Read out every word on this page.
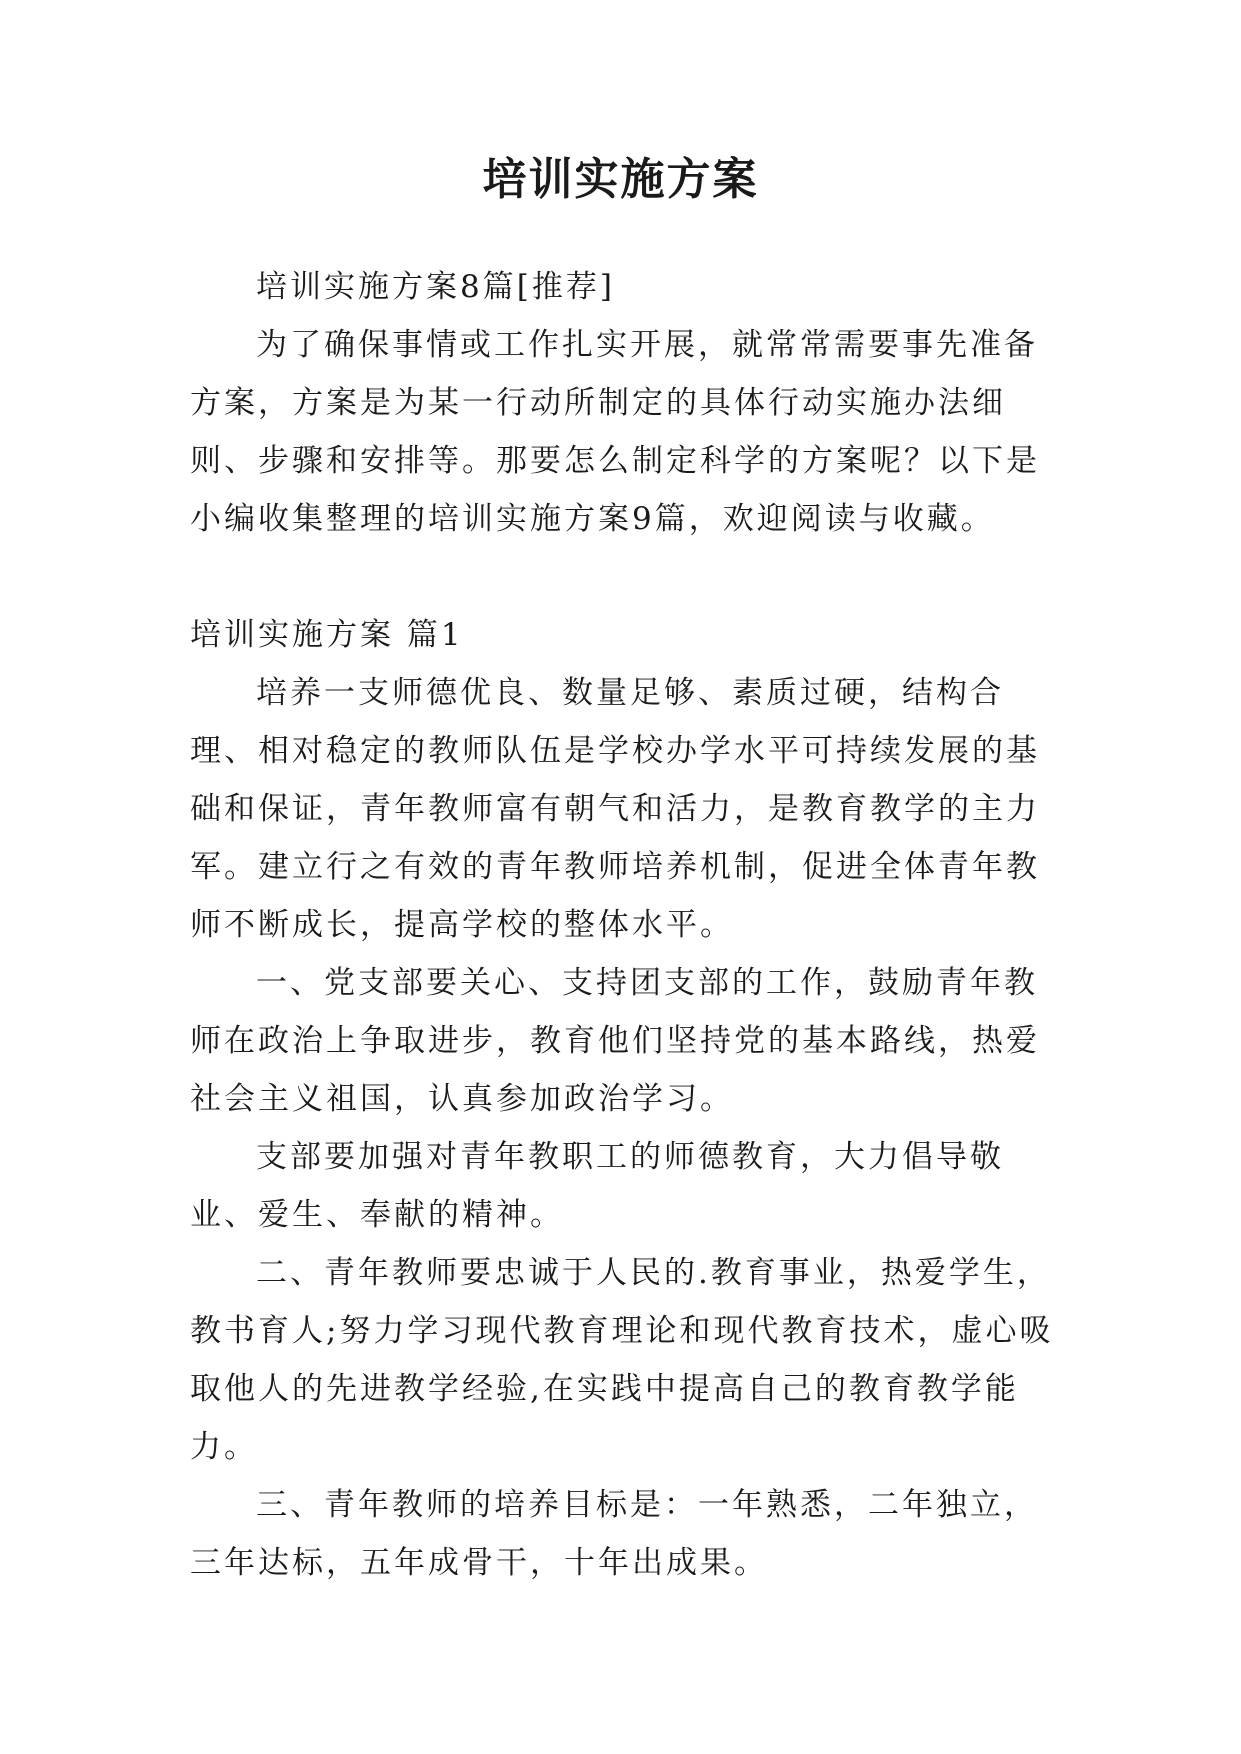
培训实施方案

培训实施方案8篇[推荐]

为了确保事情或工作扎实开展，就常常需要事先准备方案，方案是为某一行动所制定的具体行动实施办法细则、步骤和安排等。那要怎么制定科学的方案呢？以下是小编收集整理的培训实施方案9篇，欢迎阅读与收藏。

培训实施方案 篇1

培养一支师德优良、数量足够、素质过硬，结构合理、相对稳定的教师队伍是学校办学水平可持续发展的基础和保证，青年教师富有朝气和活力，是教育教学的主力军。建立行之有效的青年教师培养机制，促进全体青年教师不断成长，提高学校的整体水平。

一、党支部要关心、支持团支部的工作，鼓励青年教师在政治上争取进步，教育他们坚持党的基本路线，热爱社会主义祖国，认真参加政治学习。

支部要加强对青年教职工的师德教育，大力倡导敬业、爱生、奉献的精神。

二、青年教师要忠诚于人民的.教育事业，热爱学生，教书育人;努力学习现代教育理论和现代教育技术，虚心吸取他人的先进教学经验,在实践中提高自己的教育教学能力。

三、青年教师的培养目标是：一年熟悉，二年独立，三年达标，五年成骨干，十年出成果。
